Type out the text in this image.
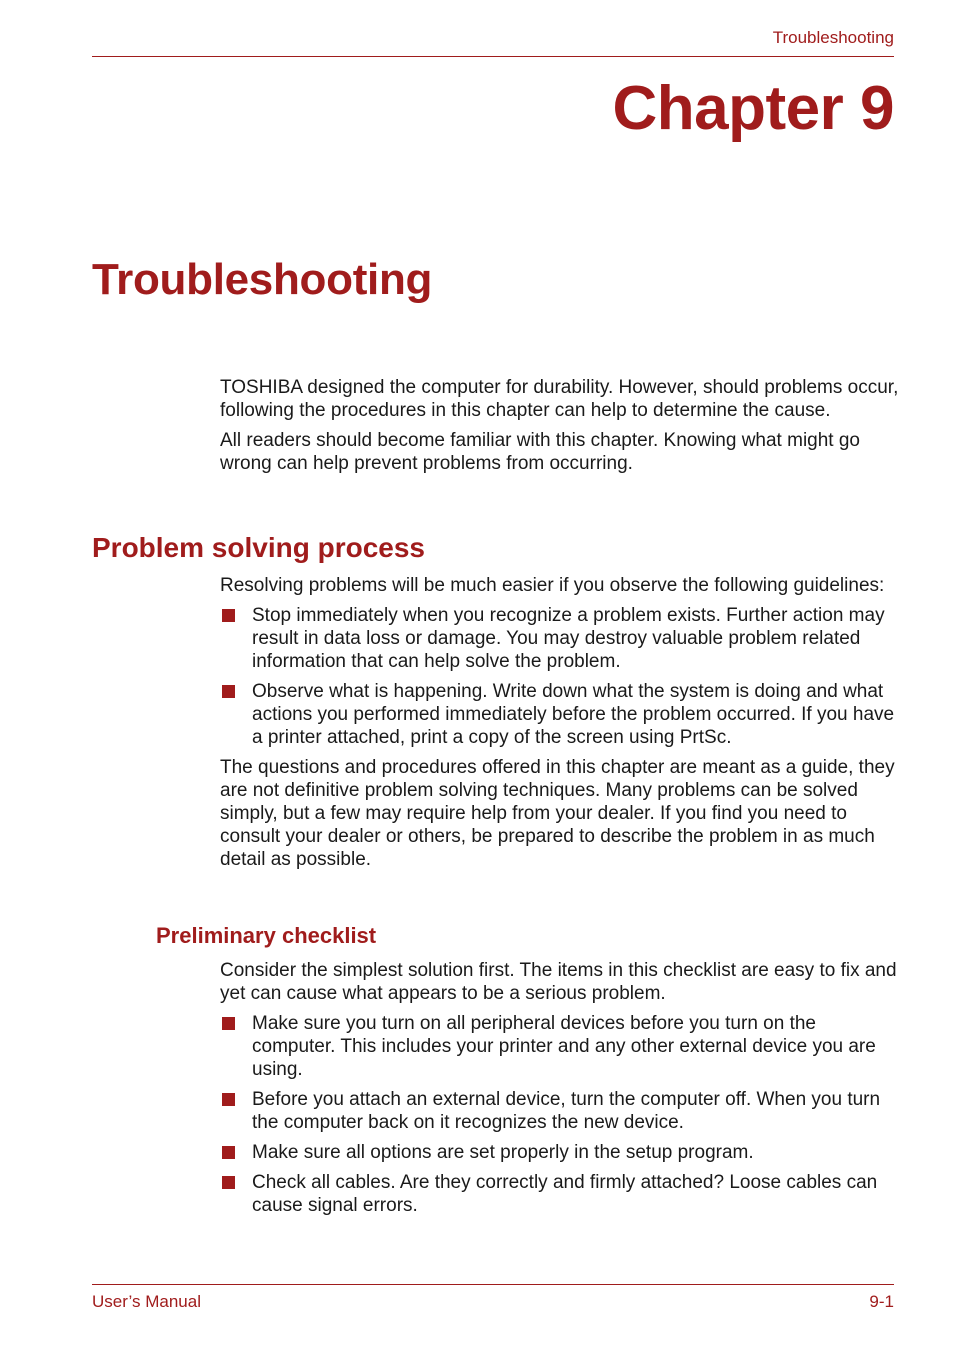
Troubleshooting
Chapter 9
Troubleshooting

TOSHIBA designed the computer for durability. However, should problems occur, following the procedures in this chapter can help to determine the cause.

All readers should become familiar with this chapter. Knowing what might go wrong can help prevent problems from occurring.

Problem solving process

Resolving problems will be much easier if you observe the following guidelines:

Stop immediately when you recognize a problem exists. Further action may result in data loss or damage. You may destroy valuable problem related information that can help solve the problem.
Observe what is happening. Write down what the system is doing and what actions you performed immediately before the problem occurred. If you have a printer attached, print a copy of the screen using PrtSc.

The questions and procedures offered in this chapter are meant as a guide, they are not definitive problem solving techniques. Many problems can be solved simply, but a few may require help from your dealer. If you find you need to consult your dealer or others, be prepared to describe the problem in as much detail as possible.

Preliminary checklist

Consider the simplest solution first. The items in this checklist are easy to fix and yet can cause what appears to be a serious problem.

Make sure you turn on all peripheral devices before you turn on the computer. This includes your printer and any other external device you are using.
Before you attach an external device, turn the computer off. When you turn the computer back on it recognizes the new device.
Make sure all options are set properly in the setup program.
Check all cables. Are they correctly and firmly attached? Loose cables can cause signal errors.
User’s Manual	9-1
